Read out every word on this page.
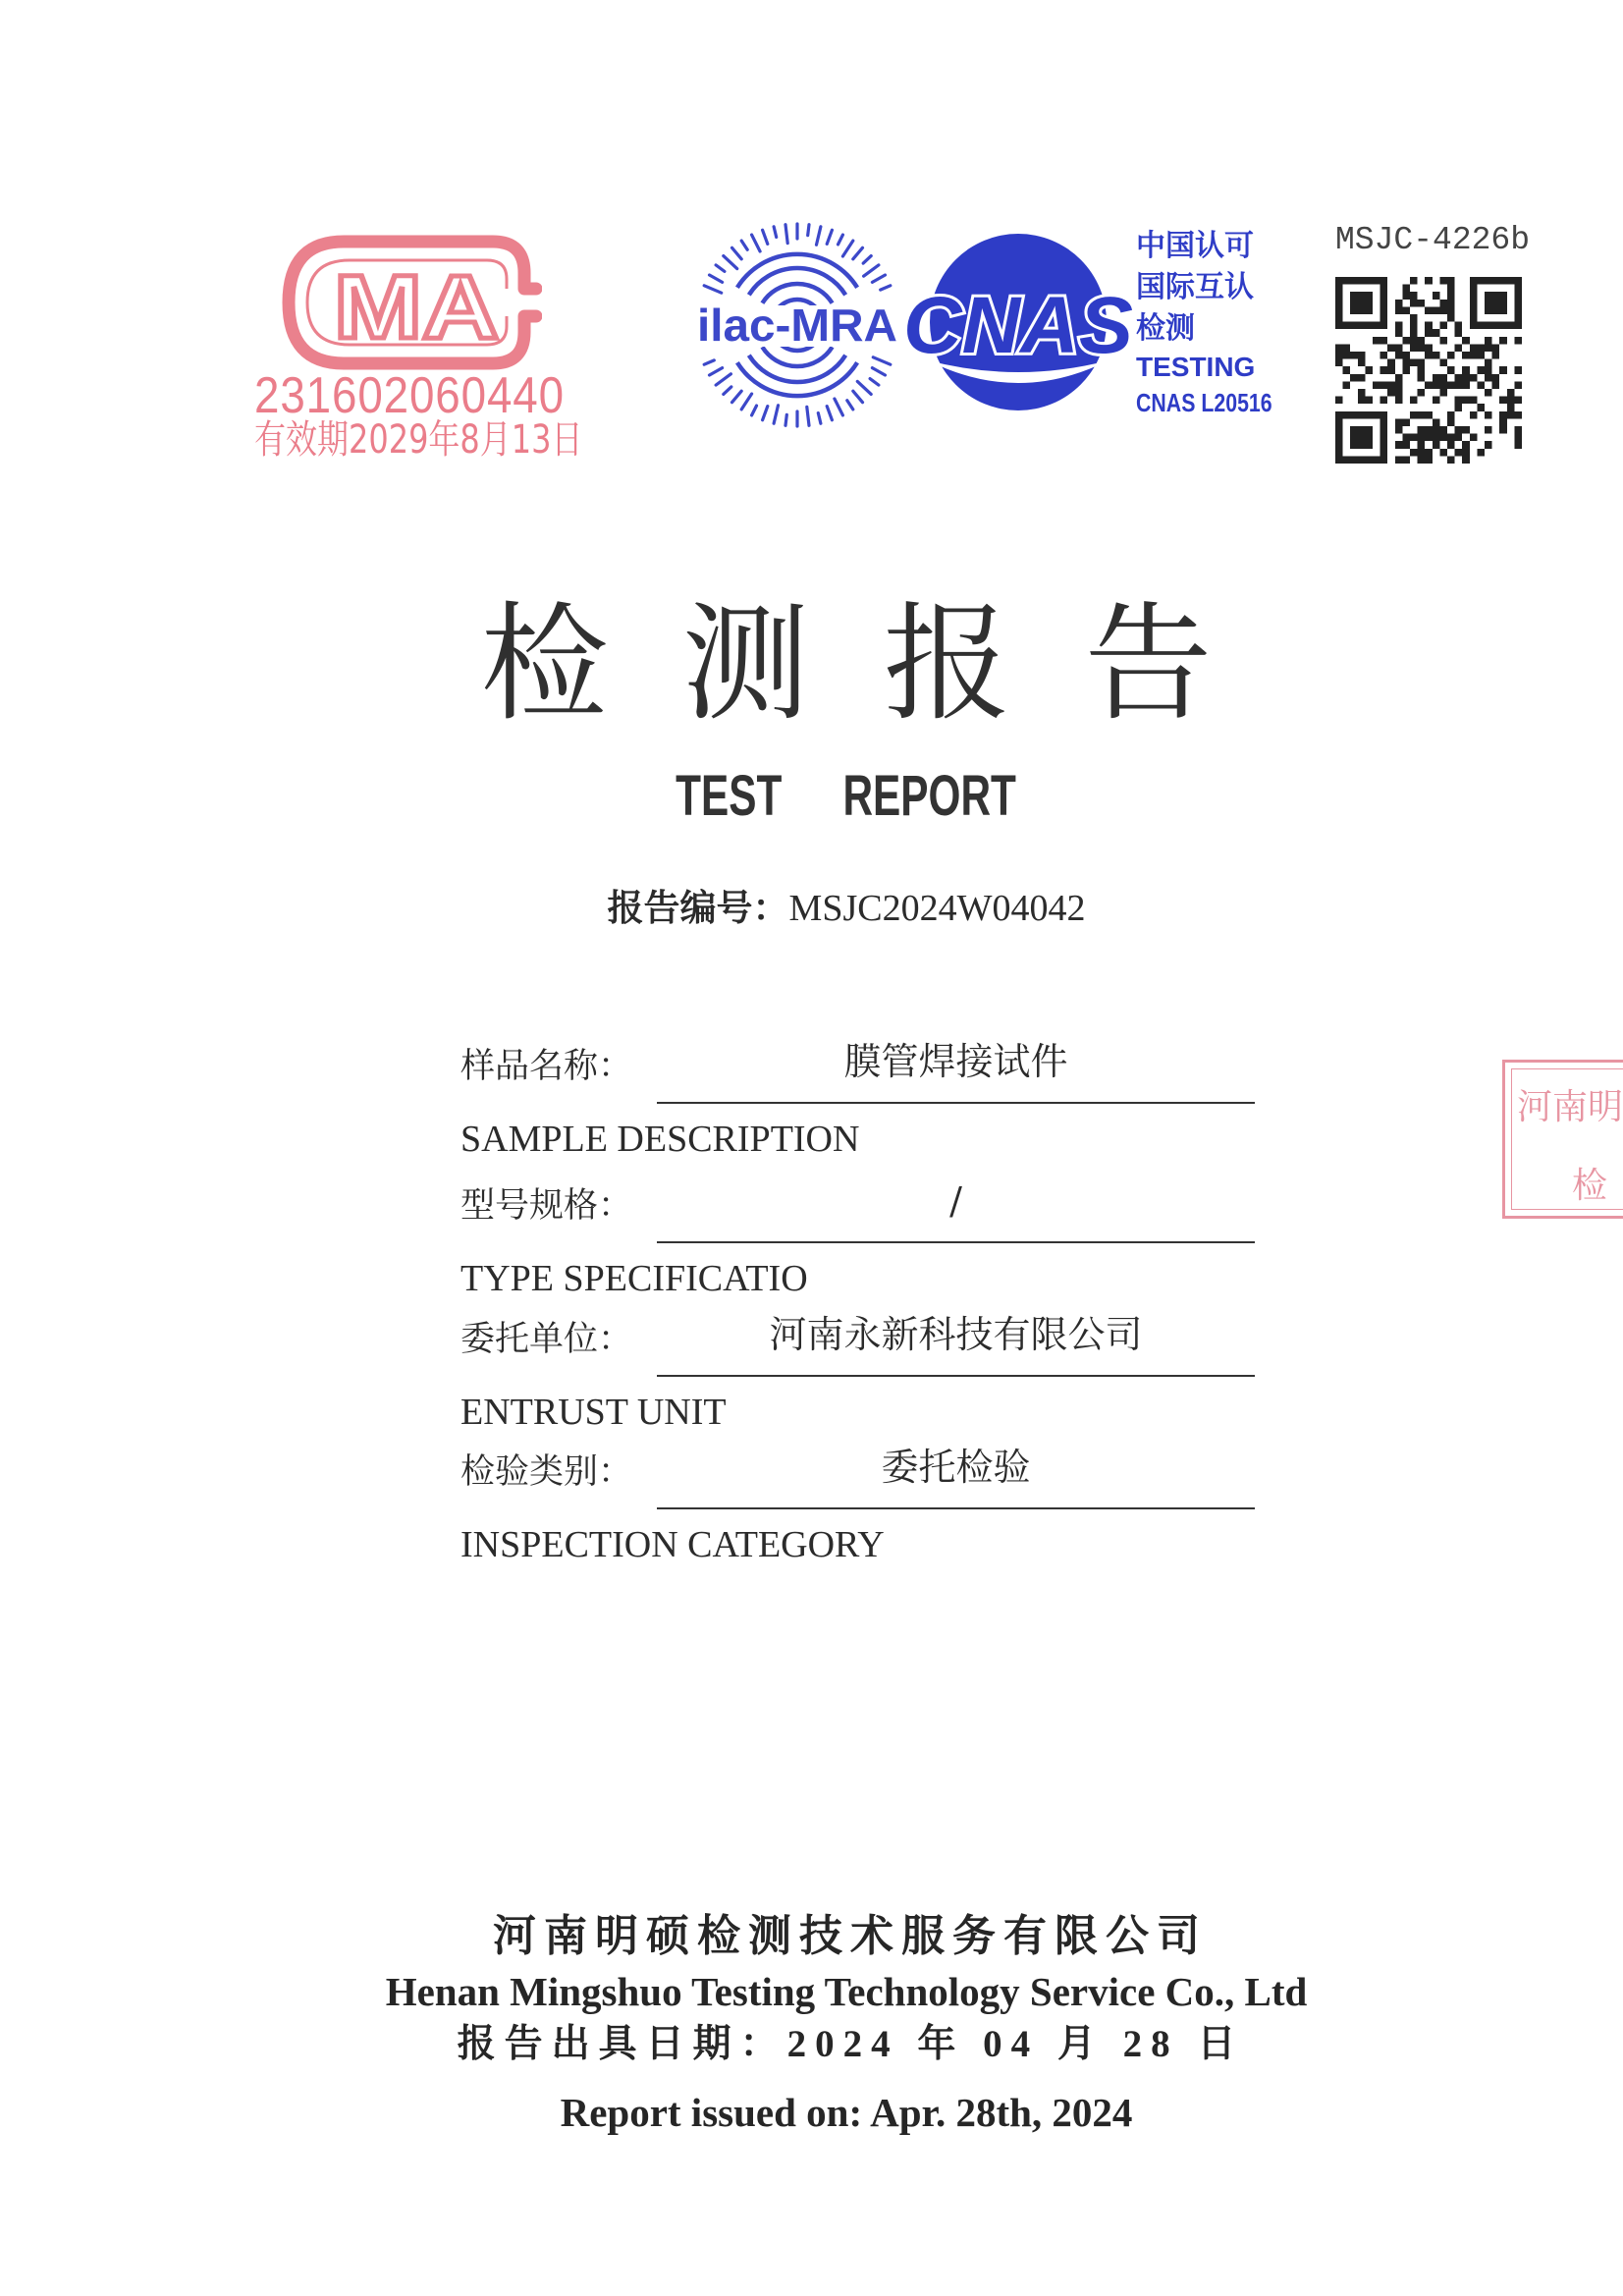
MA
231602060440
有效期2029年8月13日
ilac-MRA CNAS
中国认可
国际互认
检测
TESTING
CNAS L20516
MSJC-4226b
检测报告
TEST REPORT
报告编号：MSJC2024W04042
样品名称：	膜管焊接试件
SAMPLE DESCRIPTION
型号规格：	/
TYPE SPECIFICATIO
委托单位：	河南永新科技有限公司
ENTRUST UNIT
检验类别：	委托检验
INSPECTION CATEGORY
河南明
检
河南明硕检测技术服务有限公司
Henan Mingshuo Testing Technology Service Co., Ltd
报告出具日期：2024 年 04 月 28 日
Report issued on: Apr. 28th, 2024
